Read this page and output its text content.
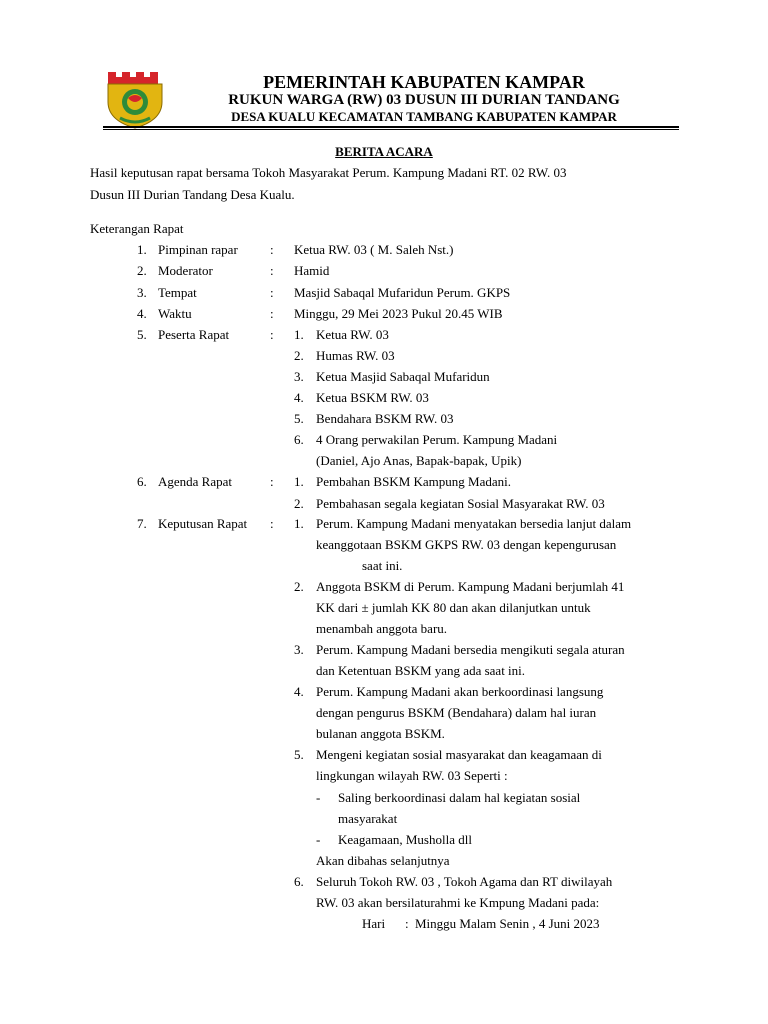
PEMERINTAH KABUPATEN KAMPAR
RUKUN WARGA (RW) 03 DUSUN III DURIAN TANDANG
DESA KUALU KECAMATAN TAMBANG KABUPATEN KAMPAR
BERITA ACARA
Hasil keputusan rapat bersama Tokoh Masyarakat Perum. Kampung Madani RT. 02 RW. 03
Dusun III Durian Tandang Desa Kualu.
Keterangan Rapat
1. Pimpinan rapar : Ketua RW. 03 ( M. Saleh Nst.)
2. Moderator	: Hamid
3. Tempat	: Masjid Sabaqal Mufaridun Perum. GKPS
4. Waktu	: Minggu, 29 Mei 2023 Pukul 20.45 WIB
5. Peserta Rapat	: 1. Ketua RW. 03
2. Humas RW. 03
3. Ketua Masjid Sabaqal Mufaridun
4. Ketua BSKM RW. 03
5. Bendahara BSKM RW. 03
6. 4 Orang perwakilan Perum. Kampung Madani
(Daniel, Ajo Anas, Bapak-bapak, Upik)
6. Agenda Rapat	: 1. Pembahan BSKM Kampung Madani.
2. Pembahasan segala kegiatan Sosial Masyarakat RW. 03
7. Keputusan Rapat : 1. Perum. Kampung Madani menyatakan bersedia lanjut dalam
keanggotaan BSKM GKPS RW. 03 dengan kepengurusan
saat ini.
2. Anggota BSKM di Perum. Kampung Madani berjumlah 41
KK dari ± jumlah KK 80 dan akan dilanjutkan untuk
menambah anggota baru.
3. Perum. Kampung Madani bersedia mengikuti segala aturan
dan Ketentuan BSKM yang ada saat ini.
4. Perum. Kampung Madani akan berkoordinasi langsung
dengan pengurus BSKM (Bendahara) dalam hal iuran
bulanan anggota BSKM.
5. Mengeni kegiatan sosial masyarakat dan keagamaan di
lingkungan wilayah RW. 03 Seperti :
- Saling berkoordinasi dalam hal kegiatan sosial
masyarakat
- Keagamaan, Musholla dll
Akan dibahas selanjutnya
6. Seluruh Tokoh RW. 03 , Tokoh Agama dan RT diwilayah
RW. 03 akan bersilaturahmi ke Kmpung Madani pada:
Hari : Minggu Malam Senin , 4 Juni 2023
